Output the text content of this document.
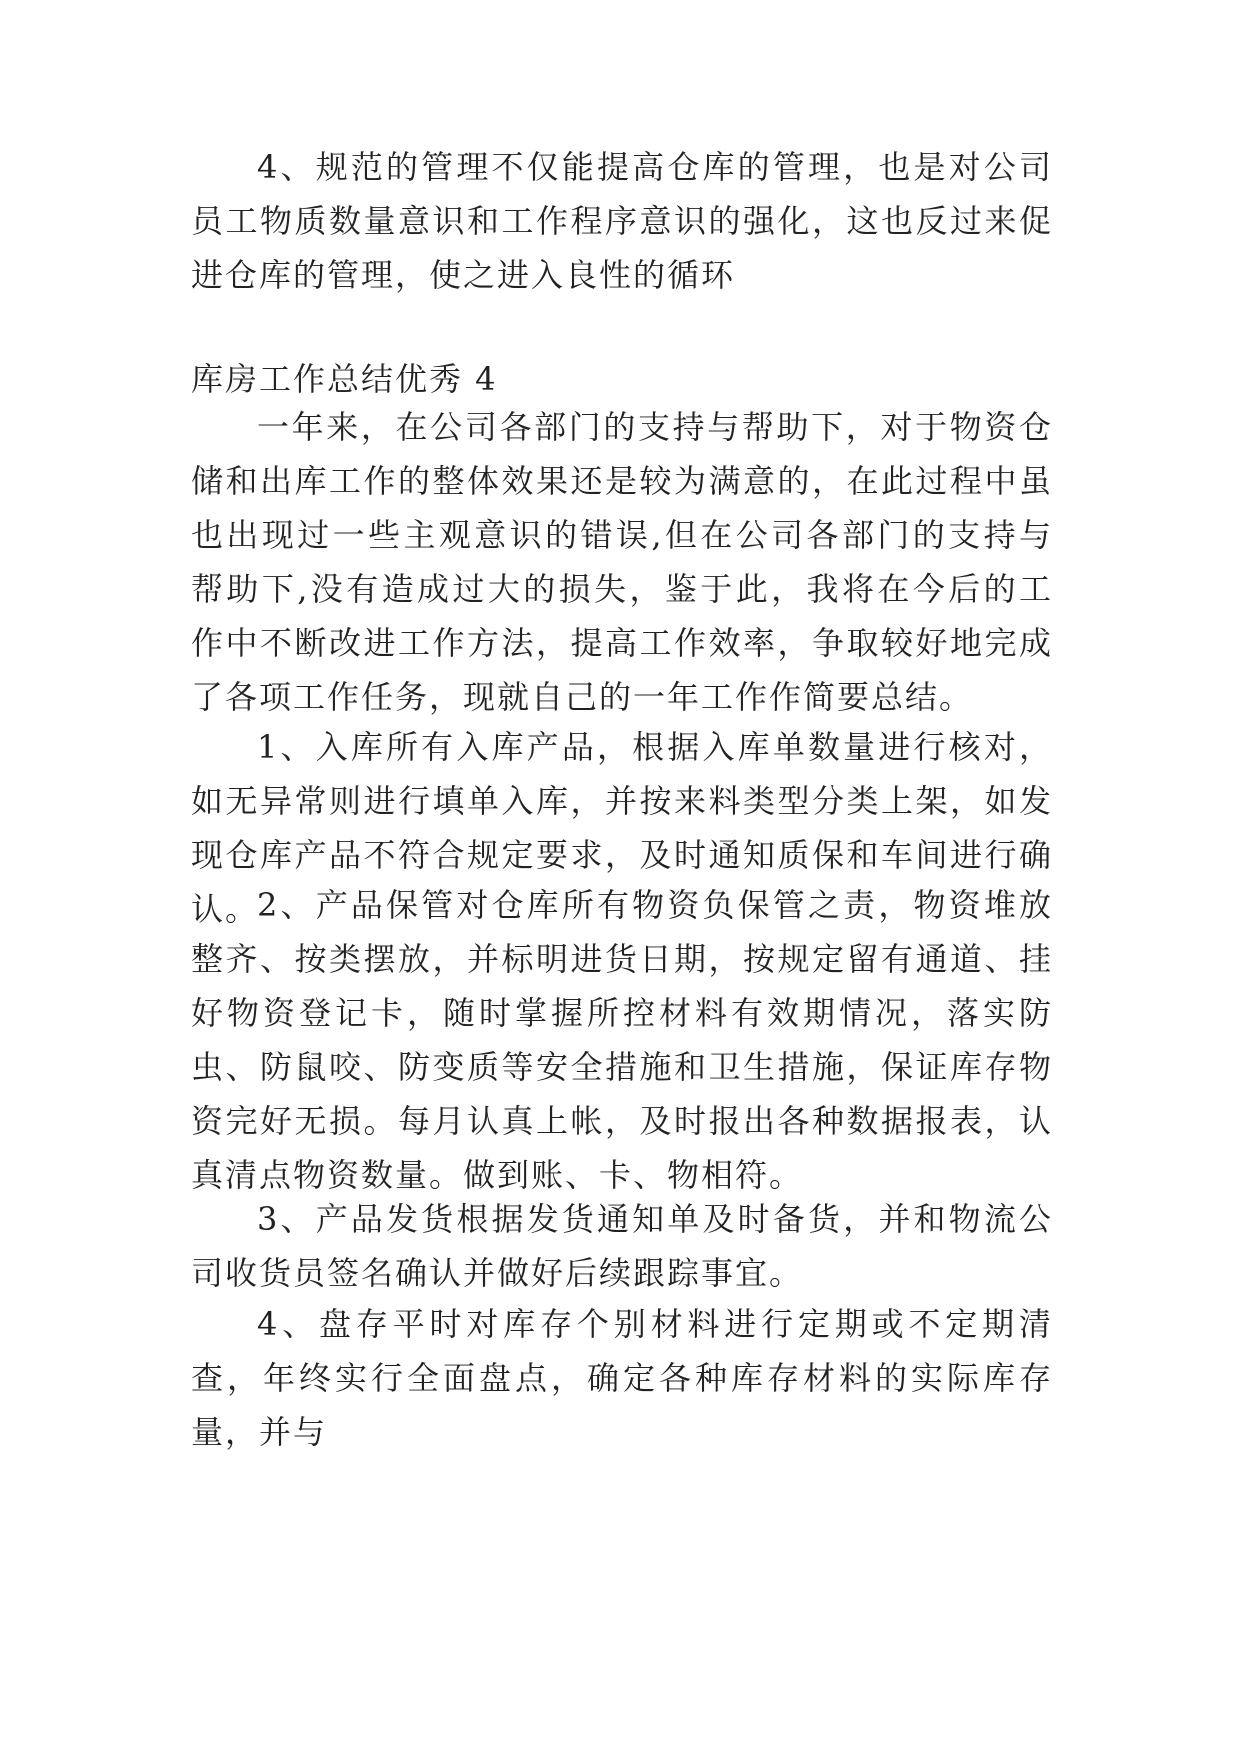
4、规范的管理不仅能提高仓库的管理，也是对公司员工物质数量意识和工作程序意识的强化，这也反过来促进仓库的管理，使之进入良性的循环

库房工作总结优秀 4

一年来，在公司各部门的支持与帮助下，对于物资仓储和出库工作的整体效果还是较为满意的，在此过程中虽也出现过一些主观意识的错误,但在公司各部门的支持与帮助下,没有造成过大的损失，鉴于此，我将在今后的工作中不断改进工作方法，提高工作效率，争取较好地完成了各项工作任务，现就自己的一年工作作简要总结。

1、入库所有入库产品，根据入库单数量进行核对，如无异常则进行填单入库，并按来料类型分类上架，如发现仓库产品不符合规定要求，及时通知质保和车间进行确认。

2、产品保管对仓库所有物资负保管之责，物资堆放整齐、按类摆放，并标明进货日期，按规定留有通道、挂好物资登记卡，随时掌握所控材料有效期情况，落实防虫、防鼠咬、防变质等安全措施和卫生措施，保证库存物资完好无损。每月认真上帐，及时报出各种数据报表，认真清点物资数量。做到账、卡、物相符。

3、产品发货根据发货通知单及时备货，并和物流公司收货员签名确认并做好后续跟踪事宜。

4、盘存平时对库存个别材料进行定期或不定期清查，年终实行全面盘点，确定各种库存材料的实际库存量，并与
